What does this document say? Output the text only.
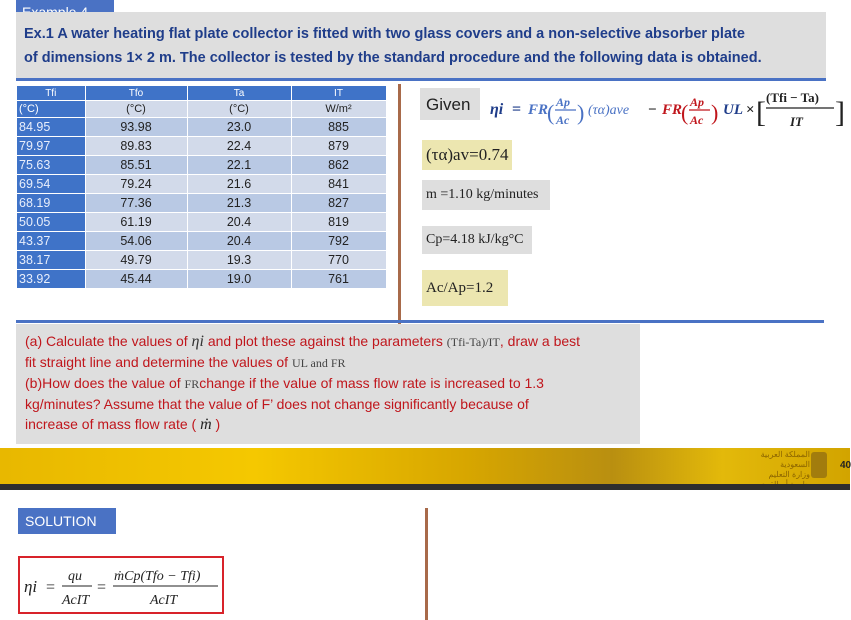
Ex.1 A water heating flat plate collector is fitted with two glass covers and a non-selective absorber plate
of dimensions 1× 2 m. The collector is tested by the standard procedure and the following data is obtained.
Tfi	Tfo	Ta	IT
(°C)	(°C)	(°C)	W/m²
84.95	93.98	23.0	885
79.97	89.83	22.4	879
75.63	85.51	22.1	862
69.54	79.24	21.6	841
68.19	77.36	21.3	827
50.05	61.19	20.4	819
43.37	54.06	20.4	792
38.17	49.79	19.3	770
33.92	45.44	19.0	761
Given ηi = FR
( Ap
Ac ) (τα)ave − FR
( Ap
Ac ) UL × [ (Tfi − Ta)
IT ]
(τα)av=0.74
m =1.10 kg/minutes
Cp=4.18 kJ/kg°C
Ac/Ap=1.2
(a) Calculate the values of ηi and plot these against the parameters (Tfi-Ta)/IT, draw a best
fit straight line and determine the values of UL and FR
(b)How does the value of FRchange if the value of mass flow rate is increased to 1.3
kg/minutes? Assume that the value of F’ does not change significantly because of
increase of mass flow rate ( ṁ )
المملكة العربية السعودية
وزارة التعليم
40
SOLUTION
ηi =
qu
AcIT
=
ṁCp(Tfo − Tfi)
AcIT
